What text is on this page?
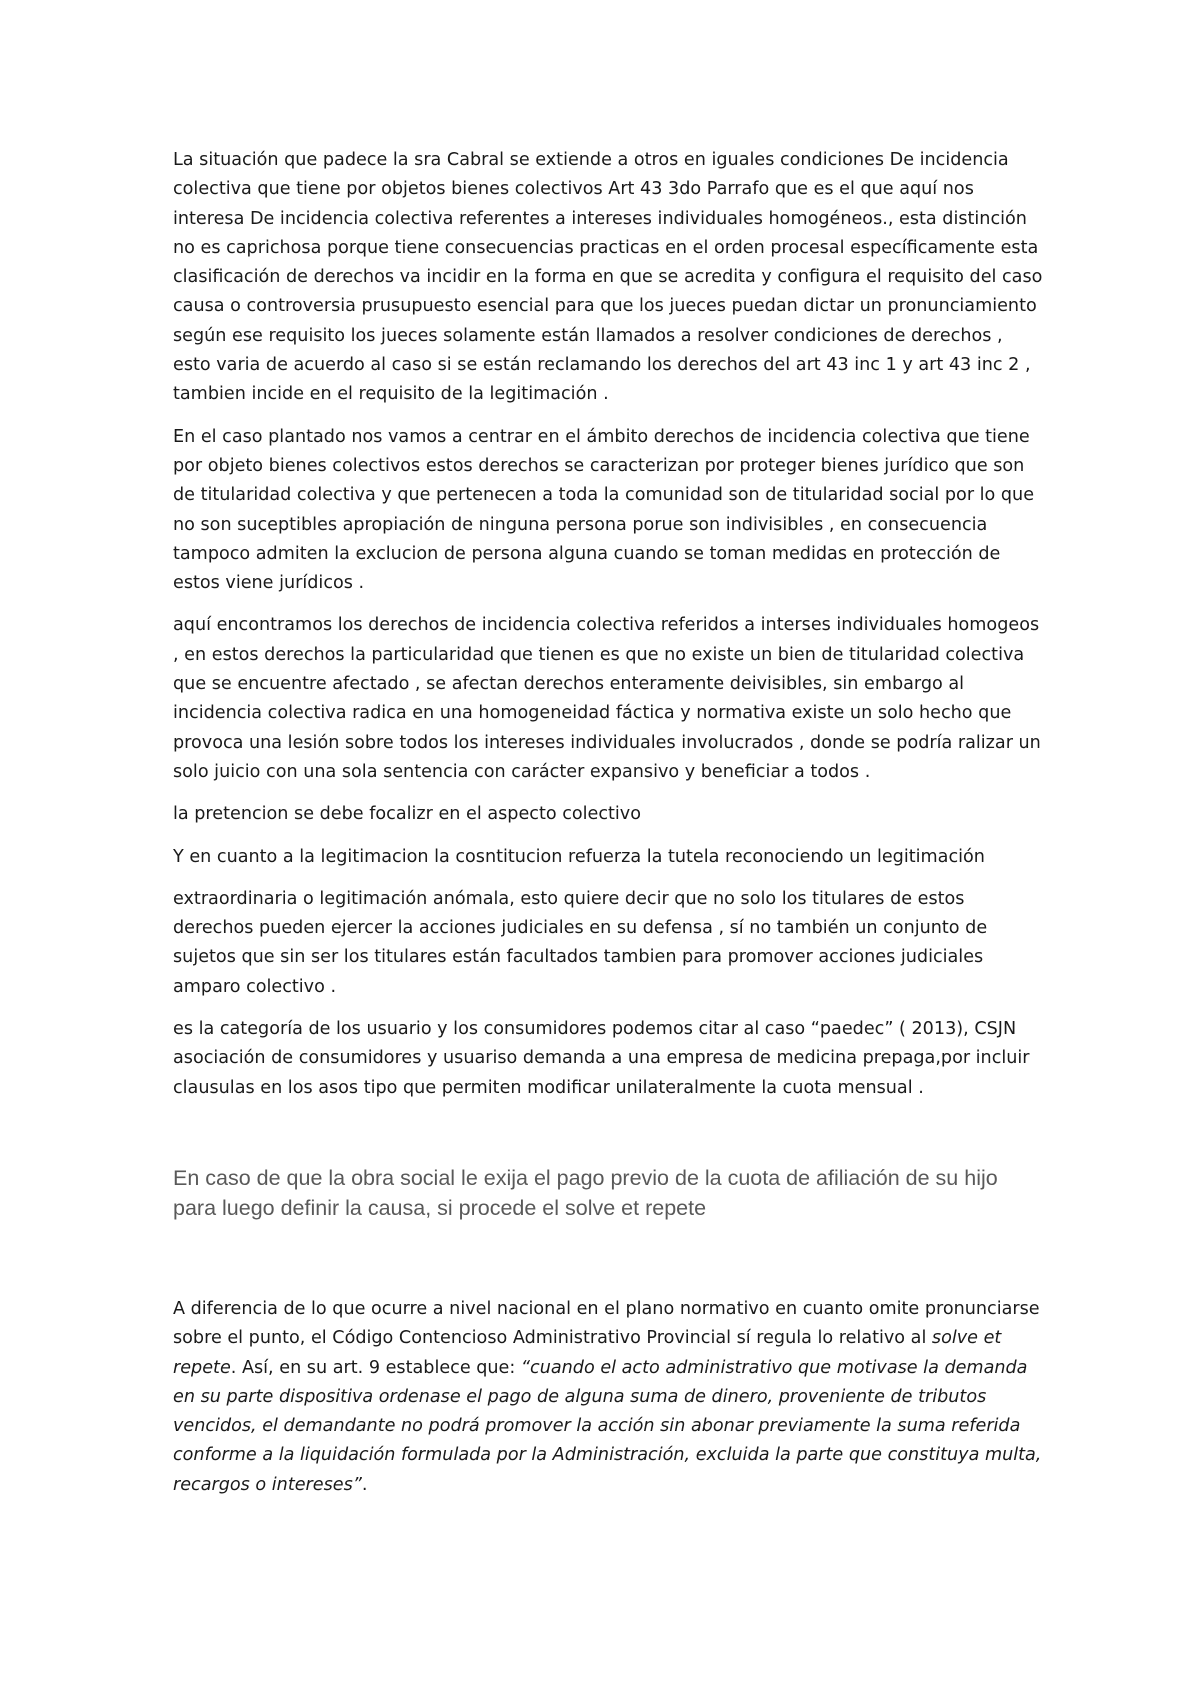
La situación que padece la sra Cabral se extiende a otros en iguales condiciones De incidencia colectiva que tiene por objetos bienes colectivos Art 43 3do Parrafo que es el que aquí nos interesa De incidencia colectiva referentes a intereses individuales homogéneos., esta distinción no es caprichosa porque tiene consecuencias practicas en el orden procesal específicamente esta clasificación de derechos va incidir en la forma en que se acredita y configura el requisito del caso causa o controversia prusupuesto esencial para que los jueces puedan dictar un pronunciamiento según ese requisito los jueces solamente están llamados a resolver condiciones de derechos , esto varia de acuerdo al caso si se están reclamando los derechos del art 43 inc 1 y art 43 inc 2 , tambien incide en el requisito de la legitimación .

En el caso plantado nos vamos a centrar en el ámbito derechos de incidencia colectiva que tiene por objeto bienes colectivos estos derechos se caracterizan por proteger bienes jurídico que son de titularidad colectiva y que pertenecen a toda la comunidad son de titularidad social por lo que no son suceptibles apropiación de ninguna persona porue son indivisibles , en consecuencia tampoco admiten la exclucion de persona alguna cuando se toman medidas en protección de estos viene jurídicos .

aquí encontramos los derechos de incidencia colectiva referidos a interses individuales homogeos , en estos derechos la particularidad que tienen es que no existe un bien de titularidad colectiva que se encuentre afectado , se afectan derechos enteramente deivisibles, sin embargo al incidencia colectiva radica en una homogeneidad fáctica y normativa existe un solo hecho que provoca una lesión sobre todos los intereses individuales involucrados , donde se podría ralizar un solo juicio con una sola sentencia con carácter expansivo y beneficiar a todos .

la pretencion se debe focalizr en el aspecto colectivo

Y en cuanto a la legitimacion la cosntitucion refuerza la tutela reconociendo un legitimación

extraordinaria o legitimación anómala, esto quiere decir que no solo los titulares de estos derechos pueden ejercer la acciones judiciales en su defensa , sí no también un conjunto de sujetos que sin ser los titulares están facultados tambien para promover acciones judiciales amparo colectivo .

es la categoría de los usuario y los consumidores podemos citar al caso “paedec” ( 2013), CSJN asociación de consumidores y usuariso demanda a una empresa de medicina prepaga,por incluir clausulas en los asos tipo que permiten modificar unilateralmente la cuota mensual .

En caso de que la obra social le exija el pago previo de la cuota de afiliación de su hijo para luego definir la causa, si procede el solve et repete

A diferencia de lo que ocurre a nivel nacional en el plano normativo en cuanto omite pronunciarse sobre el punto, el Código Contencioso Administrativo Provincial sí regula lo relativo al solve et repete. Así, en su art. 9 establece que: “cuando el acto administrativo que motivase la demanda en su parte dispositiva ordenase el pago de alguna suma de dinero, proveniente de tributos vencidos, el demandante no podrá promover la acción sin abonar previamente la suma referida conforme a la liquidación formulada por la Administración, excluida la parte que constituya multa, recargos o intereses”.
